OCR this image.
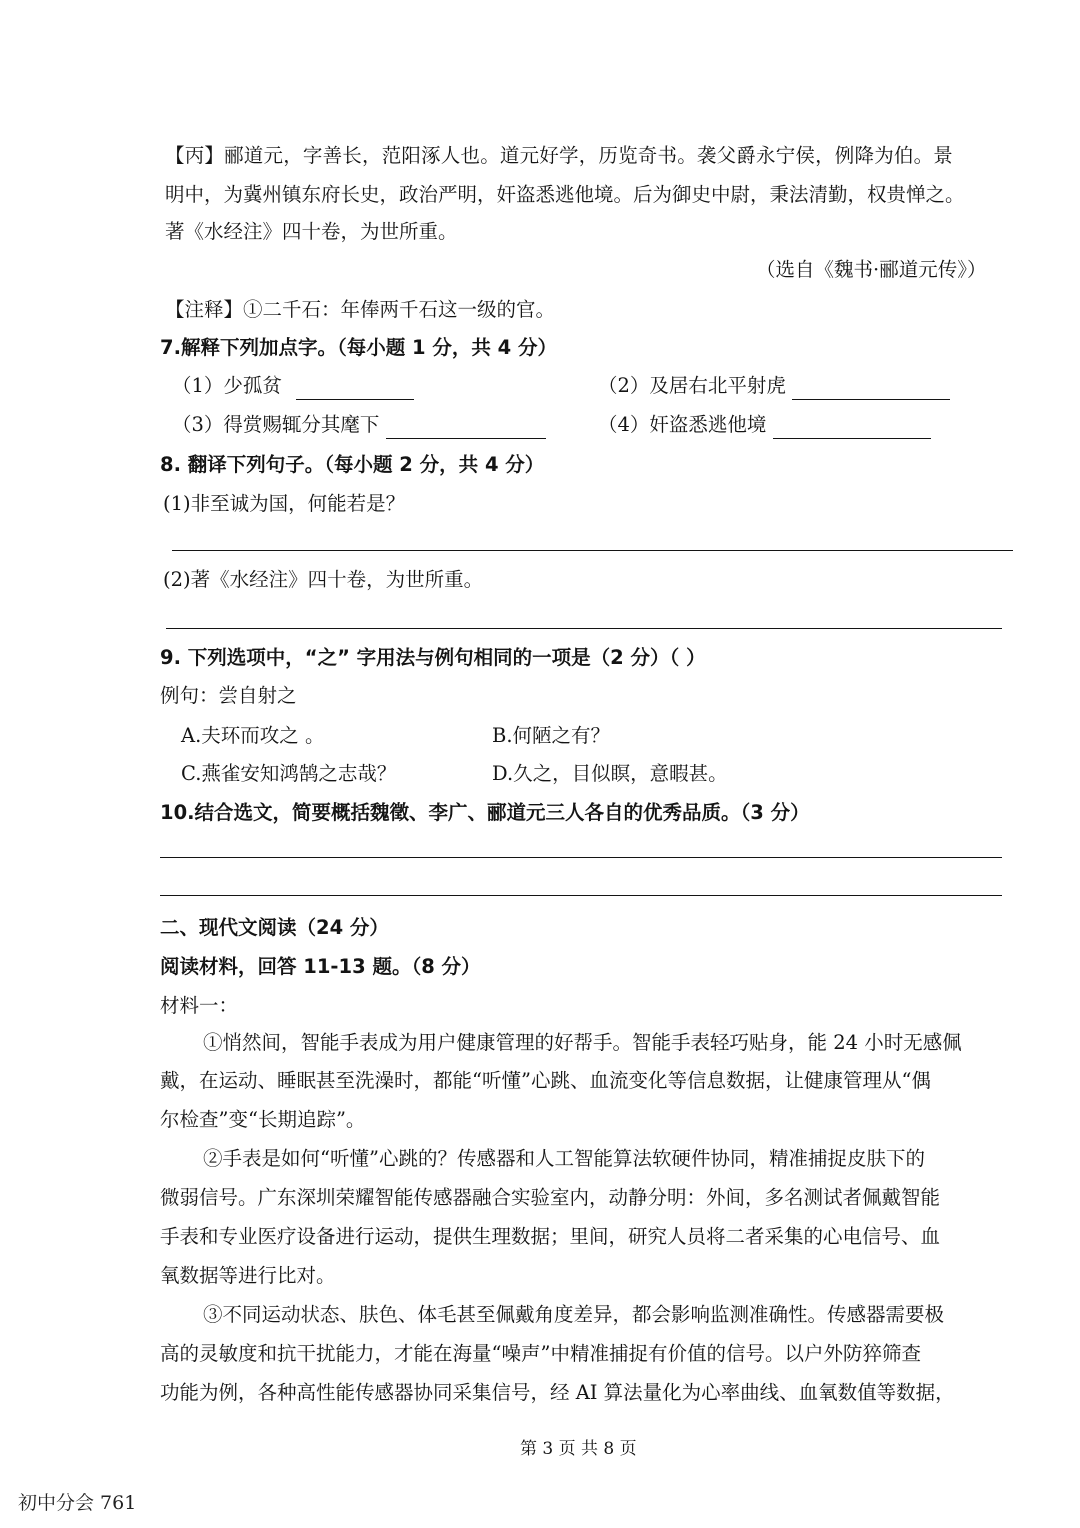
【丙】郦道元，字善长，范阳涿人也。道元好学，历览奇书。袭父爵永宁侯，例降为伯。景
明中，为冀州镇东府长史，政治严明，奸盗悉逃他境。后为御史中尉，秉法清勤，权贵惮之。
著《水经注》四十卷，为世所重。
（选自《魏书·郦道元传》）
【注释】①二千石：年俸两千石这一级的官。
7.解释下列加点字。（每小题 1 分，共 4 分）
（1）少孤贫	（2）及居右北平射虎
（3）得赏赐辄分其麾下	（4）奸盗悉逃他境
8. 翻译下列句子。（每小题 2 分，共 4 分）
(1)非至诚为国，何能若是？
(2)著《水经注》四十卷，为世所重。
9. 下列选项中，“之” 字用法与例句相同的一项是（2 分）（ ）
例句：尝自射之
A.夫环而攻之 。	B.何陋之有？
C.燕雀安知鸿鹄之志哉？	D.久之，目似瞑，意暇甚。
10.结合选文，简要概括魏徵、李广、郦道元三人各自的优秀品质。（3 分）
二、现代文阅读（24 分）
阅读材料，回答 11-13 题。（8 分）
材料一：
①悄然间，智能手表成为用户健康管理的好帮手。智能手表轻巧贴身，能 24 小时无感佩
戴，在运动、睡眠甚至洗澡时，都能“听懂”心跳、血流变化等信息数据，让健康管理从“偶
尔检查”变“长期追踪”。
②手表是如何“听懂”心跳的？传感器和人工智能算法软硬件协同，精准捕捉皮肤下的
微弱信号。广东深圳荣耀智能传感器融合实验室内，动静分明：外间，多名测试者佩戴智能
手表和专业医疗设备进行运动，提供生理数据；里间，研究人员将二者采集的心电信号、血
氧数据等进行比对。
③不同运动状态、肤色、体毛甚至佩戴角度差异，都会影响监测准确性。传感器需要极
高的灵敏度和抗干扰能力，才能在海量“噪声”中精准捕捉有价值的信号。以户外防猝筛查
功能为例，各种高性能传感器协同采集信号，经 AI 算法量化为心率曲线、血氧数值等数据，
第 3 页 共 8 页
初中分会 761
